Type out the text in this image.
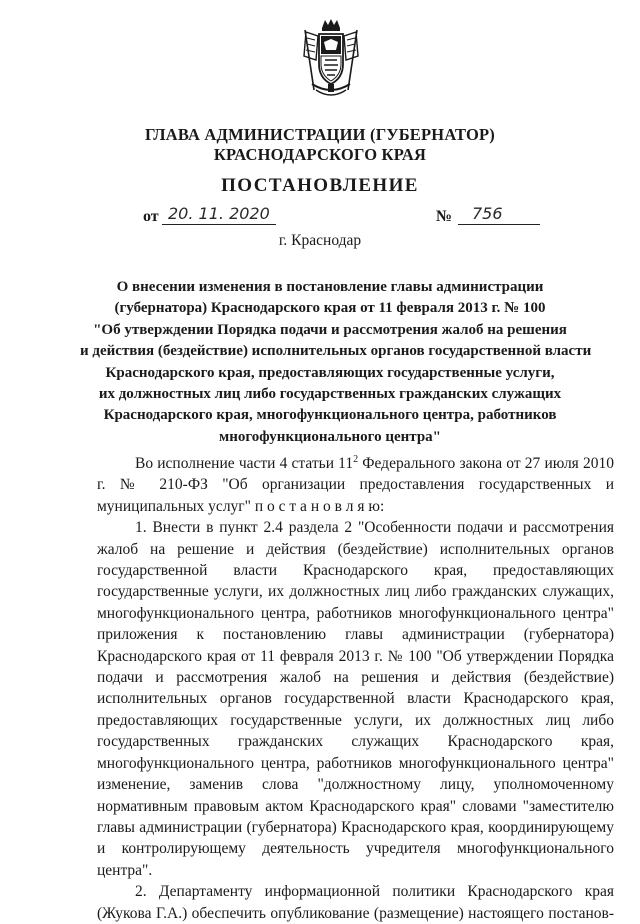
ГЛАВА АДМИНИСТРАЦИИ (ГУБЕРНАТОР)
КРАСНОДАРСКОГО КРАЯ
ПОСТАНОВЛЕНИЕ
от 20. 11. 2020	№	756
г. Краснодар
О внесении изменения в постановление главы администрации
(губернатора) Краснодарского края от 11 февраля 2013 г. № 100
"Об утверждении Порядка подачи и рассмотрения жалоб на решения
и действия (бездействие) исполнительных органов государственной власти
Краснодарского края, предоставляющих государственные услуги,
их должностных лиц либо государственных гражданских служащих
Краснодарского края, многофункционального центра, работников
многофункционального центра"

Во исполнение части 4 статьи $11^2$ Федерального закона от 27 июля 2010 г. № 210-ФЗ "Об организации предоставления государственных и муниципальных услуг" п о с т а н о в л я ю:

1. Внести в пункт 2.4 раздела 2 "Особенности подачи и рассмотрения жалоб на решение и действия (бездействие) исполнительных органов государственной власти Краснодарского края, предоставляющих государственные услуги, их должностных лиц либо гражданских служащих, многофункционального центра, работников многофункционального центра" приложения к постановлению главы администрации (губернатора) Краснодарского края от 11 февраля 2013 г. № 100 "Об утверждении Порядка подачи и рассмотрения жалоб на решения и действия (бездействие) исполнительных органов государственной власти Краснодарского края, предоставляющих государственные услуги, их должностных лиц либо государственных гражданских служащих Краснодарского края, многофункционального центра, работников многофункционального центра" изменение, заменив слова "должностному лицу, уполномоченному нормативным правовым актом Краснодарского края" словами "заместителю главы администрации (губернатора) Краснодарского края, координирующему и контролирующему деятельность учредителя многофункционального центра".

2. Департаменту информационной политики Краснодарского края (Жукова Г.А.) обеспечить опубликование (размещение) настоящего постанов-
